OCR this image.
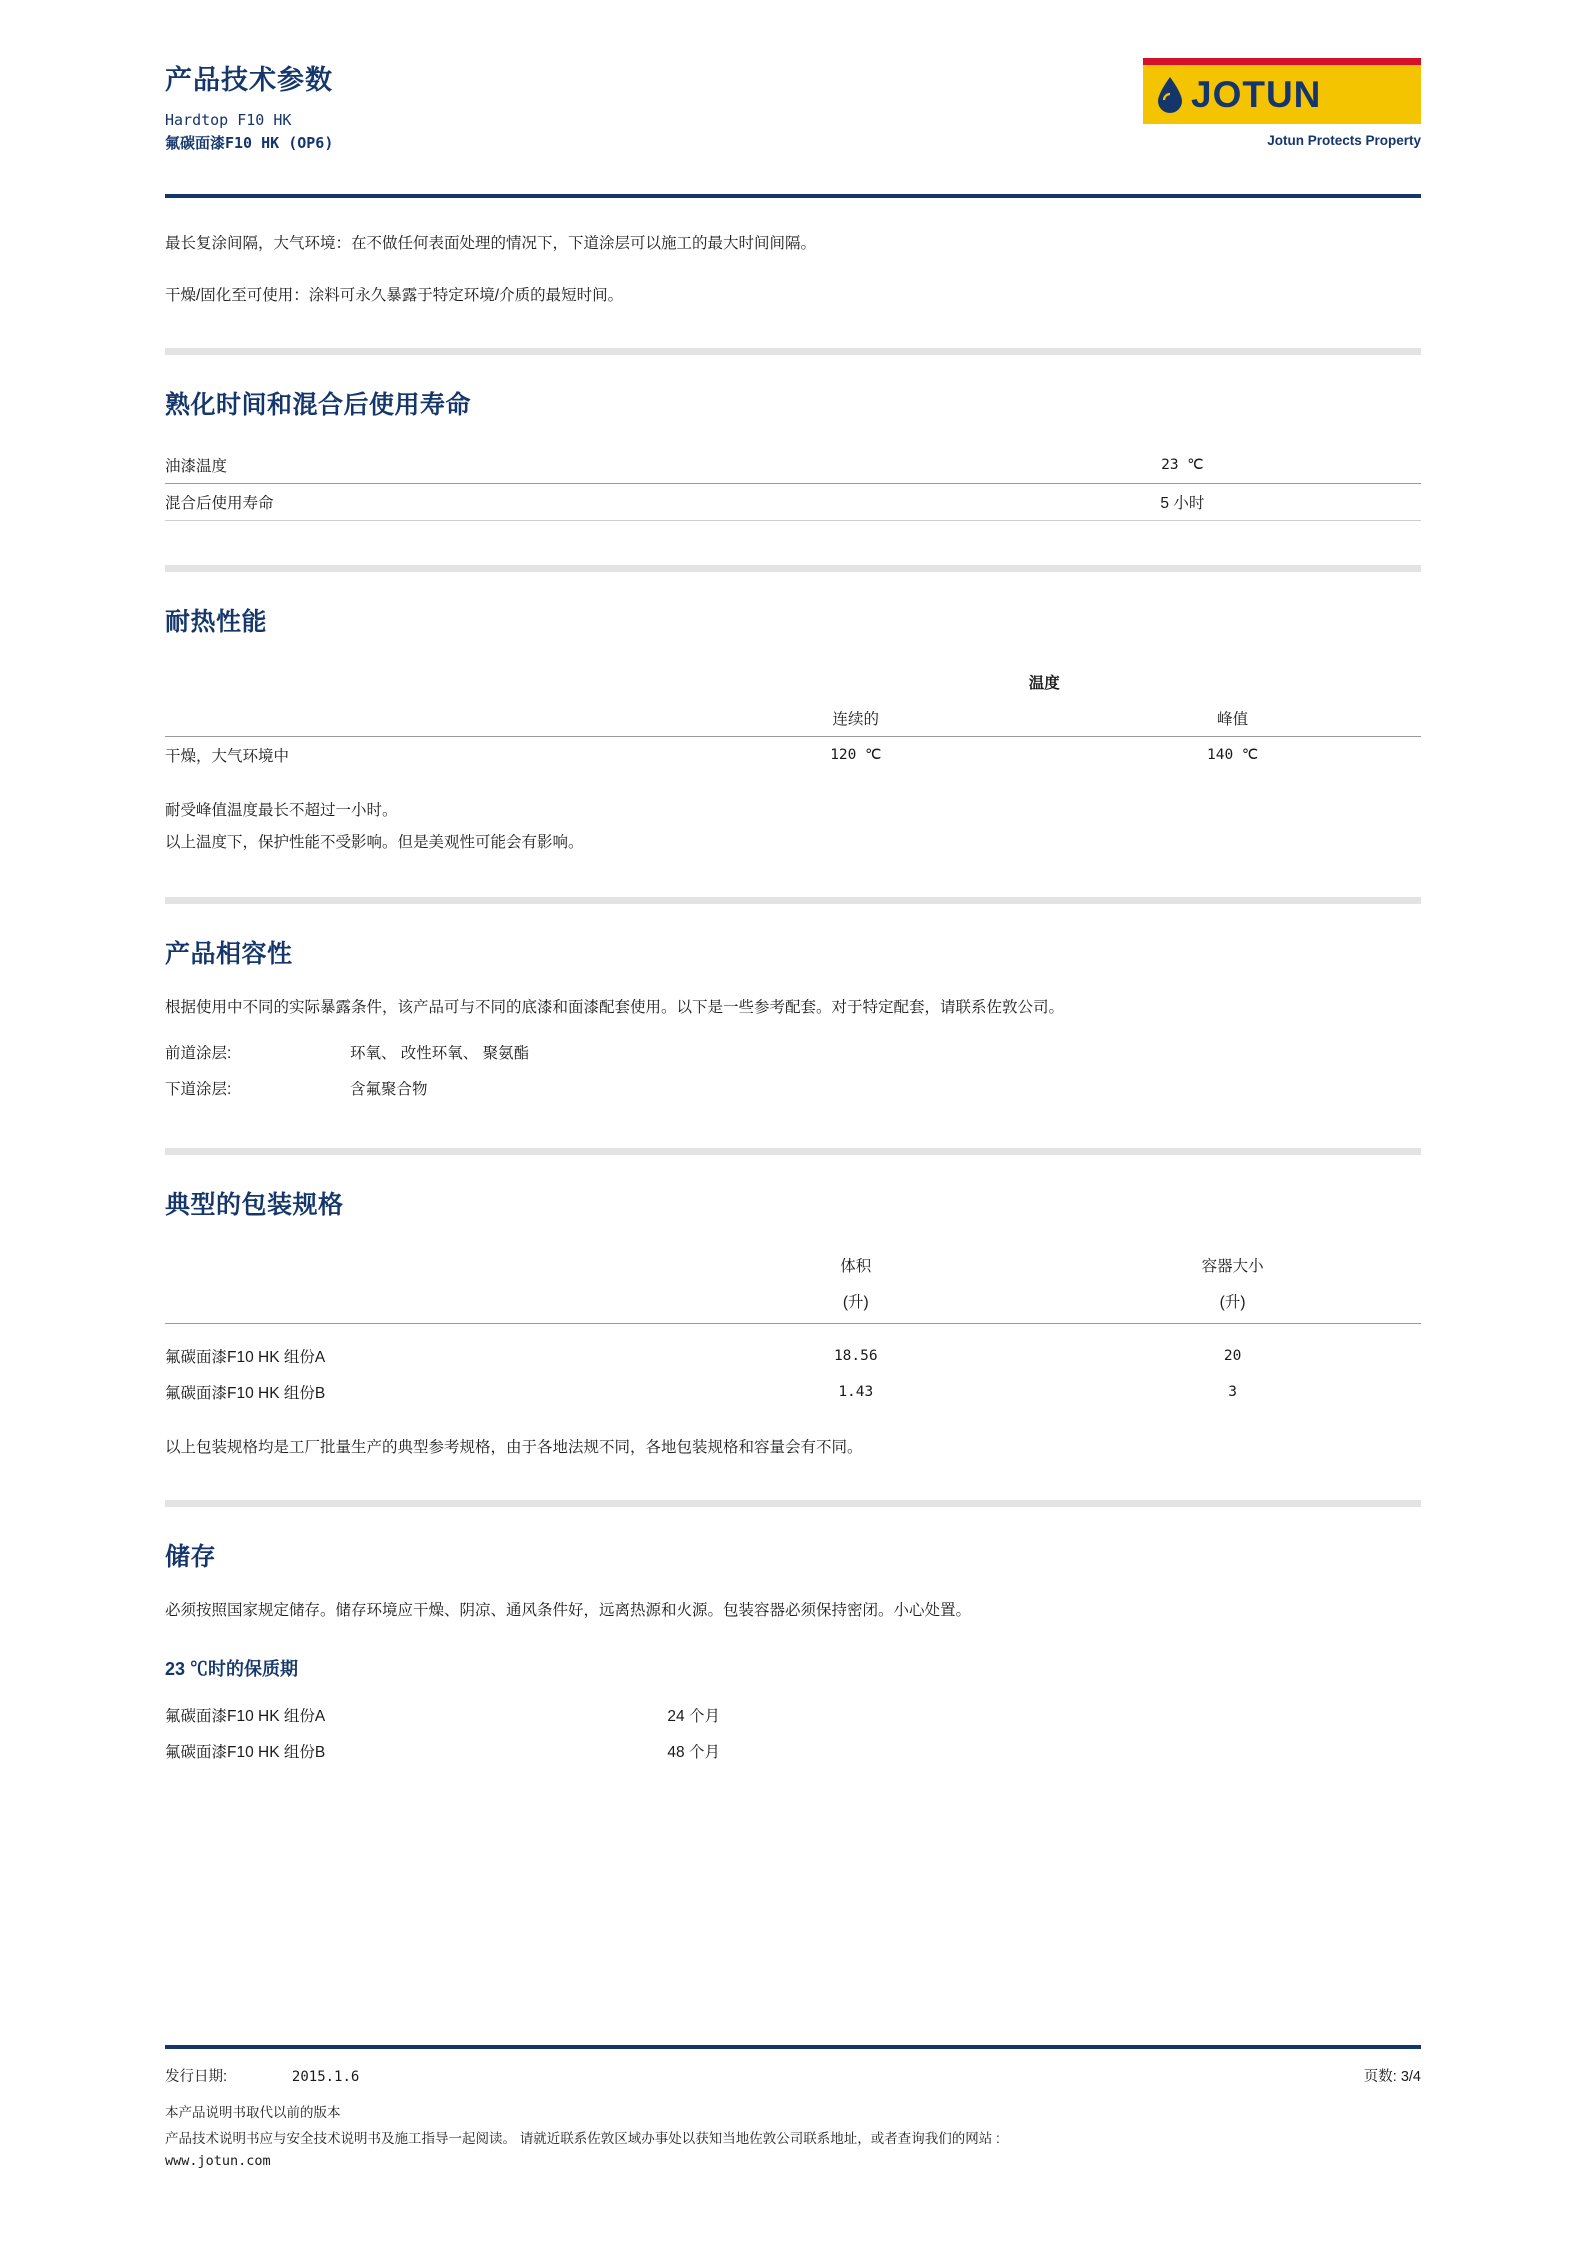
产品技术参数
Hardtop F10 HK
氟碳面漆F10 HK (OP6)
JOTUN
Jotun Protects Property

最长复涂间隔，大气环境：在不做任何表面处理的情况下，下道涂层可以施工的最大时间间隔。

干燥/固化至可使用：涂料可永久暴露于特定环境/介质的最短时间。

熟化时间和混合后使用寿命
油漆温度	23 ℃
混合后使用寿命	5 小时
耐热性能
	温度	
	连续的	峰值
干燥，大气环境中	120 ℃	140 ℃

耐受峰值温度最长不超过一小时。

以上温度下，保护性能不受影响。但是美观性可能会有影响。

产品相容性

根据使用中不同的实际暴露条件，该产品可与不同的底漆和面漆配套使用。以下是一些参考配套。对于特定配套，请联系佐敦公司。

前道涂层:	环氧、 改性环氧、 聚氨酯
下道涂层:	含氟聚合物
典型的包装规格
	体积	容器大小
	(升)	(升)

氟碳面漆F10 HK 组份A	18.56	20
氟碳面漆F10 HK 组份B	1.43	3

以上包装规格均是工厂批量生产的典型参考规格，由于各地法规不同，各地包装规格和容量会有不同。

储存

必须按照国家规定储存。储存环境应干燥、阴凉、通风条件好，远离热源和火源。包装容器必须保持密闭。小心处置。

23 ℃时的保质期
氟碳面漆F10 HK 组份A	24 个月
氟碳面漆F10 HK 组份B	48 个月
发行日期:	2015.1.6	页数: 3/4
本产品说明书取代以前的版本
产品技术说明书应与安全技术说明书及施工指导一起阅读。 请就近联系佐敦区域办事处以获知当地佐敦公司联系地址，或者查询我们的网站 :
www.jotun.com
